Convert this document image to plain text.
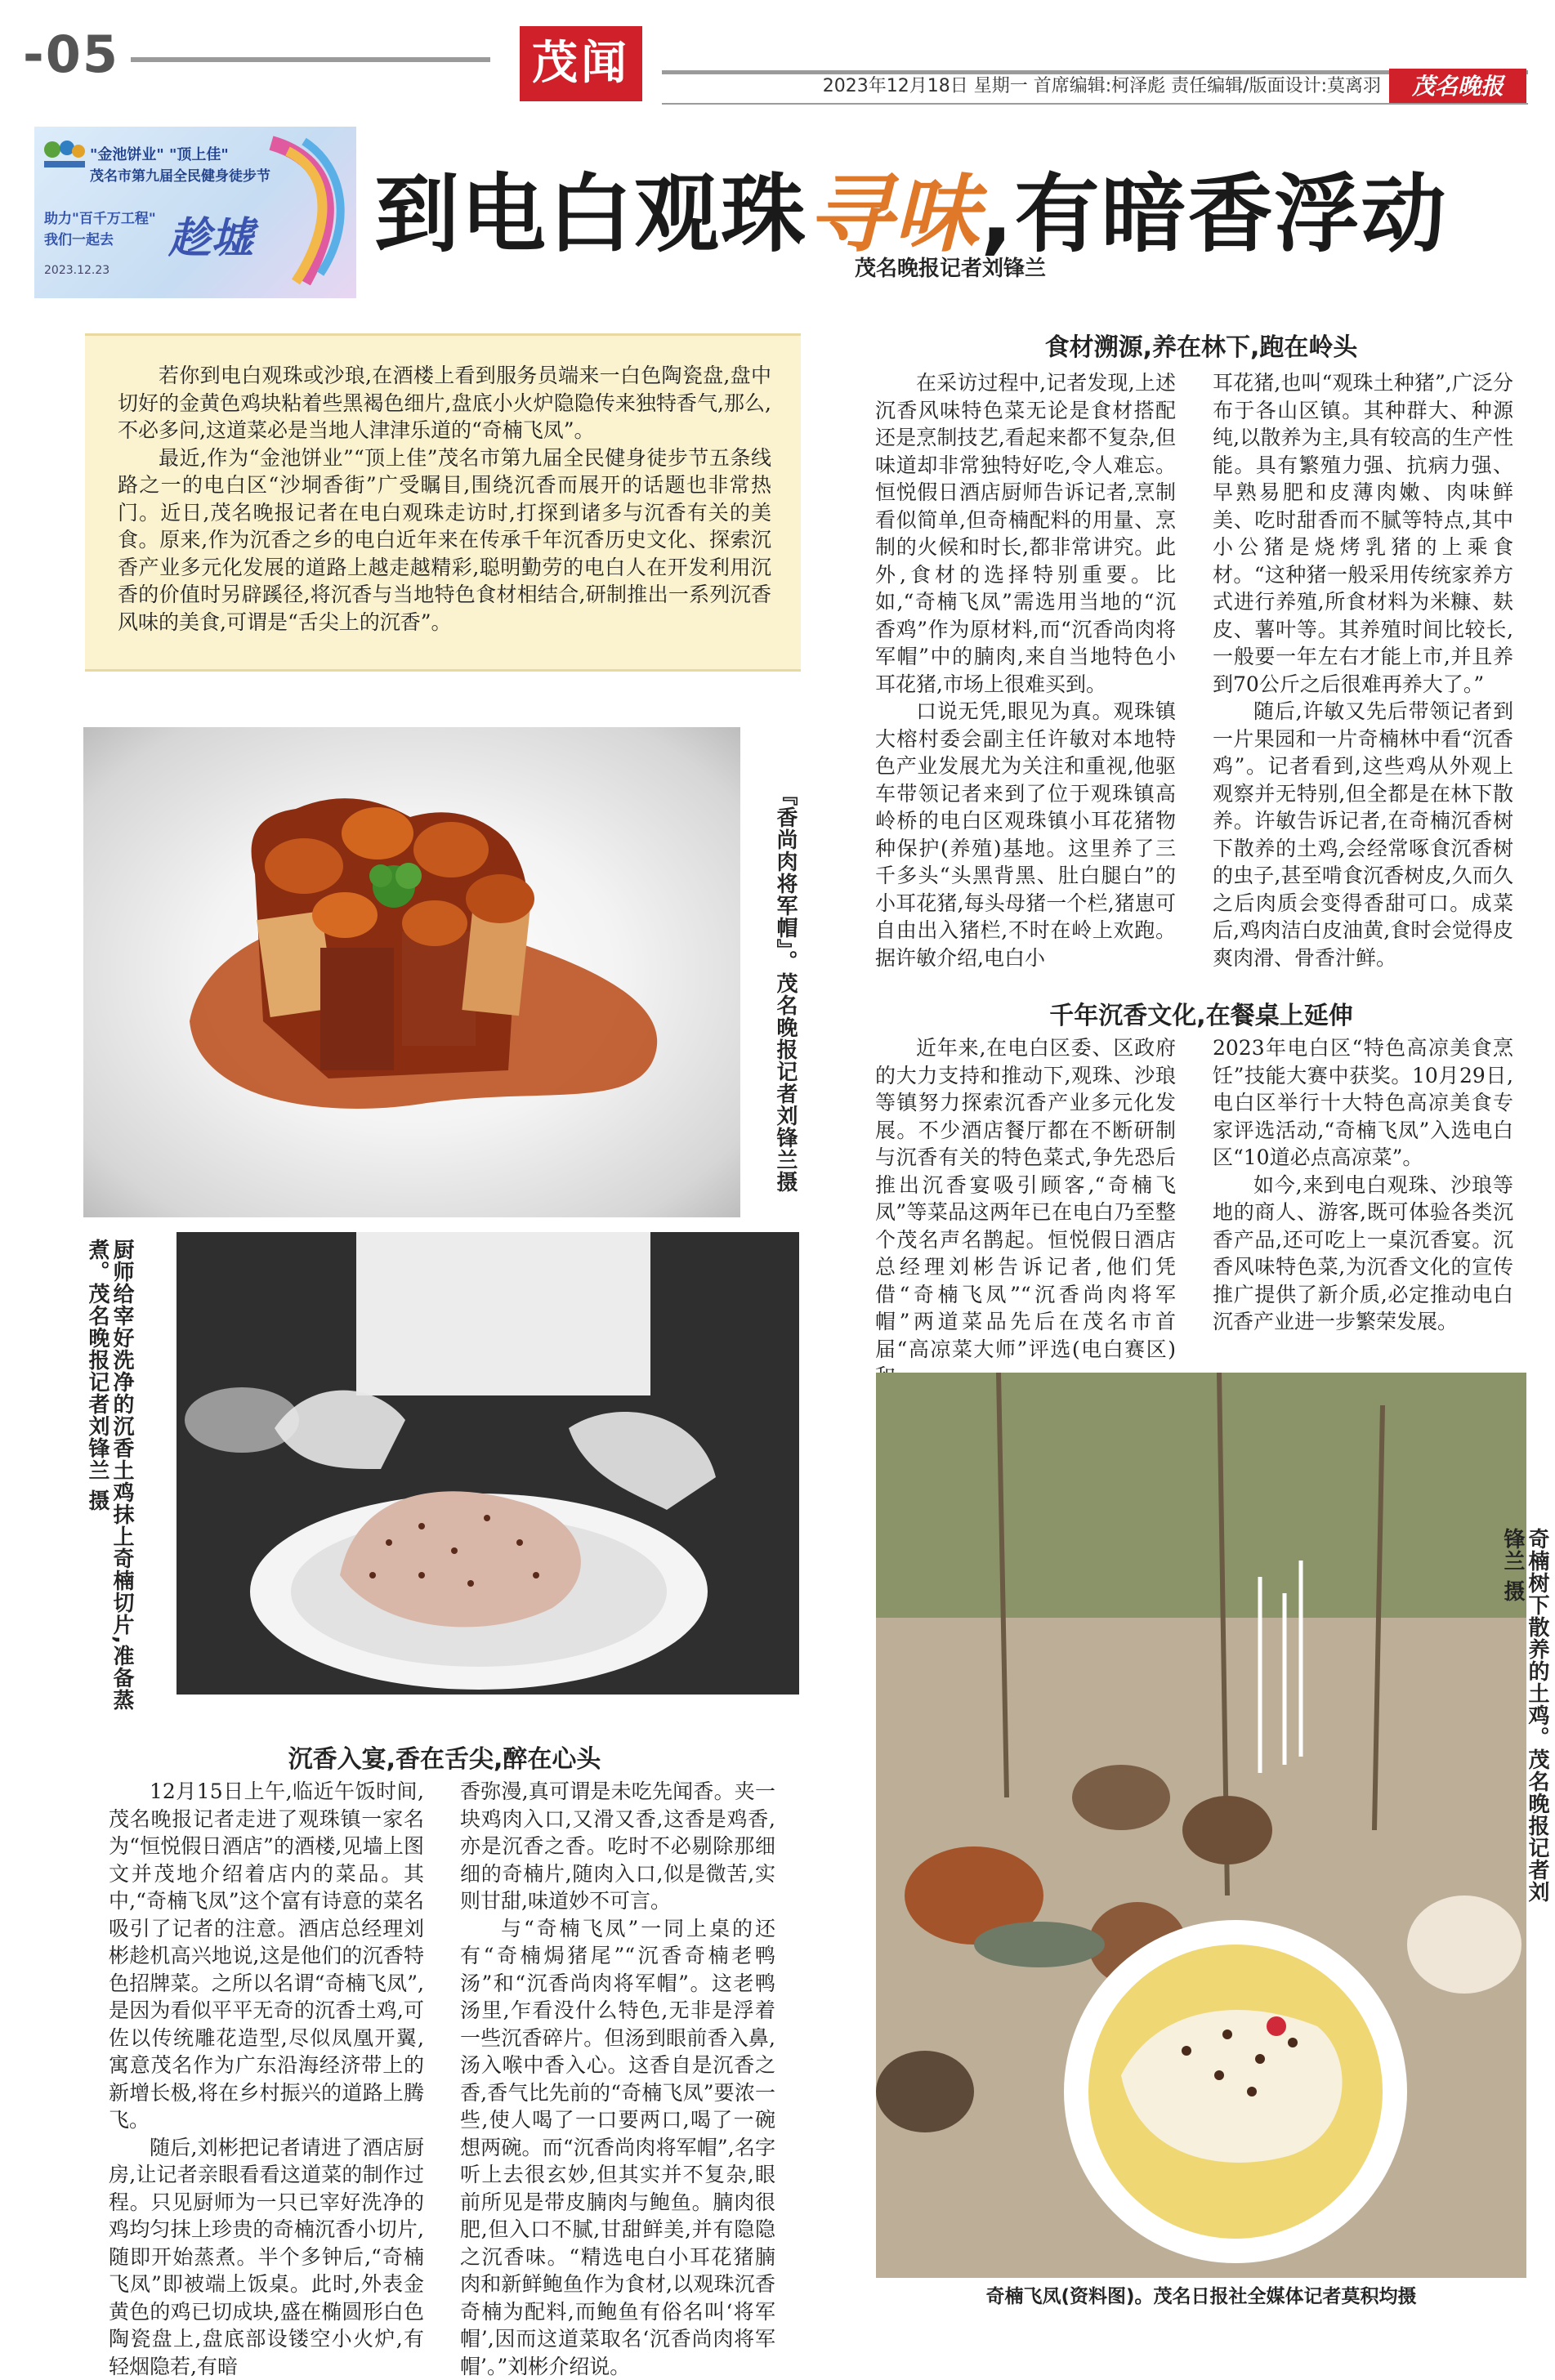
-05	茂闻	2023年12月18日 星期一 首席编辑:柯泽彪 责任编辑/版面设计:莫离羽	茂名晚报
"金池饼业" "顶上佳"
茂名市第九届全民健身徒步节
助力"百千万工程" 我们一起去	趁墟
2023.12.23
到电白观珠寻味,有暗香浮动
茂名晚报记者刘锋兰

若你到电白观珠或沙琅,在酒楼上看到服务员端来一白色陶瓷盘,盘中切好的金黄色鸡块粘着些黑褐色细片,盘底小火炉隐隐传来独特香气,那么,不必多问,这道菜必是当地人津津乐道的“奇楠飞凤”。

最近,作为“金池饼业”“顶上佳”茂名市第九届全民健身徒步节五条线路之一的电白区“沙垌香街”广受瞩目,围绕沉香而展开的话题也非常热门。近日,茂名晚报记者在电白观珠走访时,打探到诸多与沉香有关的美食。原来,作为沉香之乡的电白近年来在传承千年沉香历史文化、探索沉香产业多元化发展的道路上越走越精彩,聪明勤劳的电白人在开发利用沉香的价值时另辟蹊径,将沉香与当地特色食材相结合,研制推出一系列沉香风味的美食,可谓是“舌尖上的沉香”。

食材溯源,养在林下,跑在岭头

在采访过程中,记者发现,上述沉香风味特色菜无论是食材搭配还是烹制技艺,看起来都不复杂,但味道却非常独特好吃,令人难忘。恒悦假日酒店厨师告诉记者,烹制看似简单,但奇楠配料的用量、烹制的火候和时长,都非常讲究。此外,食材的选择特别重要。比如,“奇楠飞凤”需选用当地的“沉香鸡”作为原材料,而“沉香尚肉将军帽”中的腩肉,来自当地特色小耳花猪,市场上很难买到。

口说无凭,眼见为真。观珠镇大榕村委会副主任许敏对本地特色产业发展尤为关注和重视,他驱车带领记者来到了位于观珠镇高岭桥的电白区观珠镇小耳花猪物种保护(养殖)基地。这里养了三千多头“头黑背黑、肚白腿白”的小耳花猪,每头母猪一个栏,猪崽可自由出入猪栏,不时在岭上欢跑。据许敏介绍,电白小

耳花猪,也叫“观珠土种猪”,广泛分布于各山区镇。其种群大、种源纯,以散养为主,具有较高的生产性能。具有繁殖力强、抗病力强、早熟易肥和皮薄肉嫩、肉味鲜美、吃时甜香而不腻等特点,其中小公猪是烧烤乳猪的上乘食材。“这种猪一般采用传统家养方式进行养殖,所食材料为米糠、麸皮、薯叶等。其养殖时间比较长,一般要一年左右才能上市,并且养到70公斤之后很难再养大了。”

随后,许敏又先后带领记者到一片果园和一片奇楠林中看“沉香鸡”。记者看到,这些鸡从外观上观察并无特别,但全都是在林下散养。许敏告诉记者,在奇楠沉香树下散养的土鸡,会经常啄食沉香树的虫子,甚至啃食沉香树皮,久而久之后肉质会变得香甜可口。成菜后,鸡肉洁白皮油黄,食时会觉得皮爽肉滑、骨香汁鲜。

『香尚肉将军帽』。茂名晚报记者刘锋兰摄	千年沉香文化,在餐桌上延伸

近年来,在电白区委、区政府的大力支持和推动下,观珠、沙琅等镇努力探索沉香产业多元化发展。不少酒店餐厅都在不断研制与沉香有关的特色菜式,争先恐后推出沉香宴吸引顾客,“奇楠飞凤”等菜品这两年已在电白乃至整个茂名声名鹊起。恒悦假日酒店总经理刘彬告诉记者,他们凭借“奇楠飞凤”“沉香尚肉将军帽”两道菜品先后在茂名市首届“高凉菜大师”评选(电白赛区)

2023年电白区“特色高凉美食烹饪”技能大赛中获奖。10月29日,电白区举行十大特色高凉美食专家评选活动,“奇楠飞凤”入选电白区“10道必点高凉菜”。

如今,来到电白观珠、沙琅等地的商人、游客,既可体验各类沉香产品,还可吃上一桌沉香宴。沉香风味特色菜,为沉香文化的宣传推广提供了新介质,必定推动电白沉香产业进一步繁荣发展。

厨师给宰好洗净的沉香土鸡抹上奇楠切片,准备蒸煮。茂名晚报记者刘锋兰 摄
沉香入宴,香在舌尖,醉在心头

12月15日上午,临近午饭时间,茂名晚报记者走进了观珠镇一家名为“恒悦假日酒店”的酒楼,见墙上图文并茂地介绍着店内的菜品。其中,“奇楠飞凤”这个富有诗意的菜名吸引了记者的注意。酒店总经理刘彬趁机高兴地说,这是他们的沉香特色招牌菜。之所以名谓“奇楠飞凤”,是因为看似平平无奇的沉香土鸡,可佐以传统雕花造型,尽似凤凰开翼,寓意茂名作为广东沿海经济带上的新增长极,将在乡村振兴的道路上腾飞。

随后,刘彬把记者请进了酒店厨房,让记者亲眼看看这道菜的制作过程。只见厨师为一只已宰好洗净的鸡均匀抹上珍贵的奇楠沉香小切片,随即开始蒸煮。半个多钟后,“奇楠飞凤”即被端上饭桌。此时,外表金黄色的鸡已切成块,盛在椭圆形白色陶瓷盘上,盘底部设镂空小火炉,有轻烟隐若,有暗

香弥漫,真可谓是未吃先闻香。夹一块鸡肉入口,又滑又香,这香是鸡香,亦是沉香之香。吃时不必剔除那细细的奇楠片,随肉入口,似是微苦,实则甘甜,味道妙不可言。

与“奇楠飞凤”一同上桌的还有“奇楠焗猪尾”“沉香奇楠老鸭汤”和“沉香尚肉将军帽”。这老鸭汤里,乍看没什么特色,无非是浮着一些沉香碎片。但汤到眼前香入鼻,汤入喉中香入心。这香自是沉香之香,香气比先前的“奇楠飞凤”要浓一些,使人喝了一口要两口,喝了一碗想两碗。而“沉香尚肉将军帽”,名字听上去很玄妙,但其实并不复杂,眼前所见是带皮腩肉与鲍鱼。腩肉很肥,但入口不腻,甘甜鲜美,并有隐隐之沉香味。“精选电白小耳花猪腩肉和新鲜鲍鱼作为食材,以观珠沉香奇楠为配料,而鲍鱼有俗名叫‘将军帽’,因而这道菜取名‘沉香尚肉将军帽’。”刘彬介绍说。

奇楠树下散养的土鸡。茂名晚报记者刘锋兰 摄
奇楠飞凤(资料图)。茂名日报社全媒体记者莫积均摄
